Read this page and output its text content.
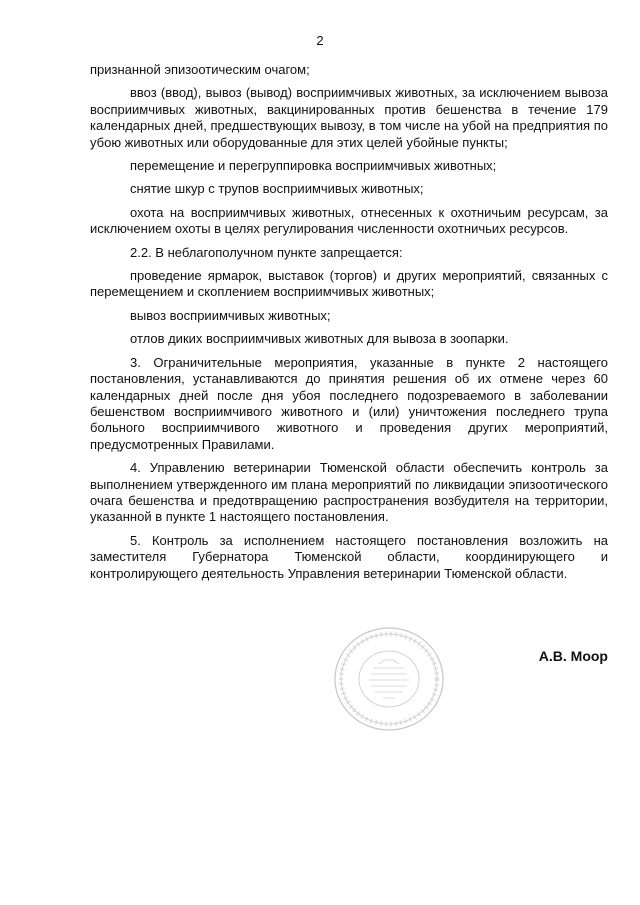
2

признанной эпизоотическим очагом;

ввоз (ввод), вывоз (вывод) восприимчивых животных, за исключением вывоза восприимчивых животных, вакцинированных против бешенства в течение 179 календарных дней, предшествующих вывозу, в том числе на убой на предприятия по убою животных или оборудованные для этих целей убойные пункты;

перемещение и перегруппировка восприимчивых животных;

снятие шкур с трупов восприимчивых животных;

охота на восприимчивых животных, отнесенных к охотничьим ресурсам, за исключением охоты в целях регулирования численности охотничьих ресурсов.

2.2. В неблагополучном пункте запрещается:

проведение ярмарок, выставок (торгов) и других мероприятий, связанных с перемещением и скоплением восприимчивых животных;

вывоз восприимчивых животных;

отлов диких восприимчивых животных для вывоза в зоопарки.

3. Ограничительные мероприятия, указанные в пункте 2 настоящего постановления, устанавливаются до принятия решения об их отмене через 60 календарных дней после дня убоя последнего подозреваемого в заболевании бешенством восприимчивого животного и (или) уничтожения последнего трупа больного восприимчивого животного и проведения других мероприятий, предусмотренных Правилами.

4. Управлению ветеринарии Тюменской области обеспечить контроль за выполнением утвержденного им плана мероприятий по ликвидации эпизоотического очага бешенства и предотвращению распространения возбудителя на территории, указанной в пункте 1 настоящего постановления.

5. Контроль за исполнением настоящего постановления возложить на заместителя Губернатора Тюменской области, координирующего и контролирующего деятельность Управления ветеринарии Тюменской области.

А.В. Моор
